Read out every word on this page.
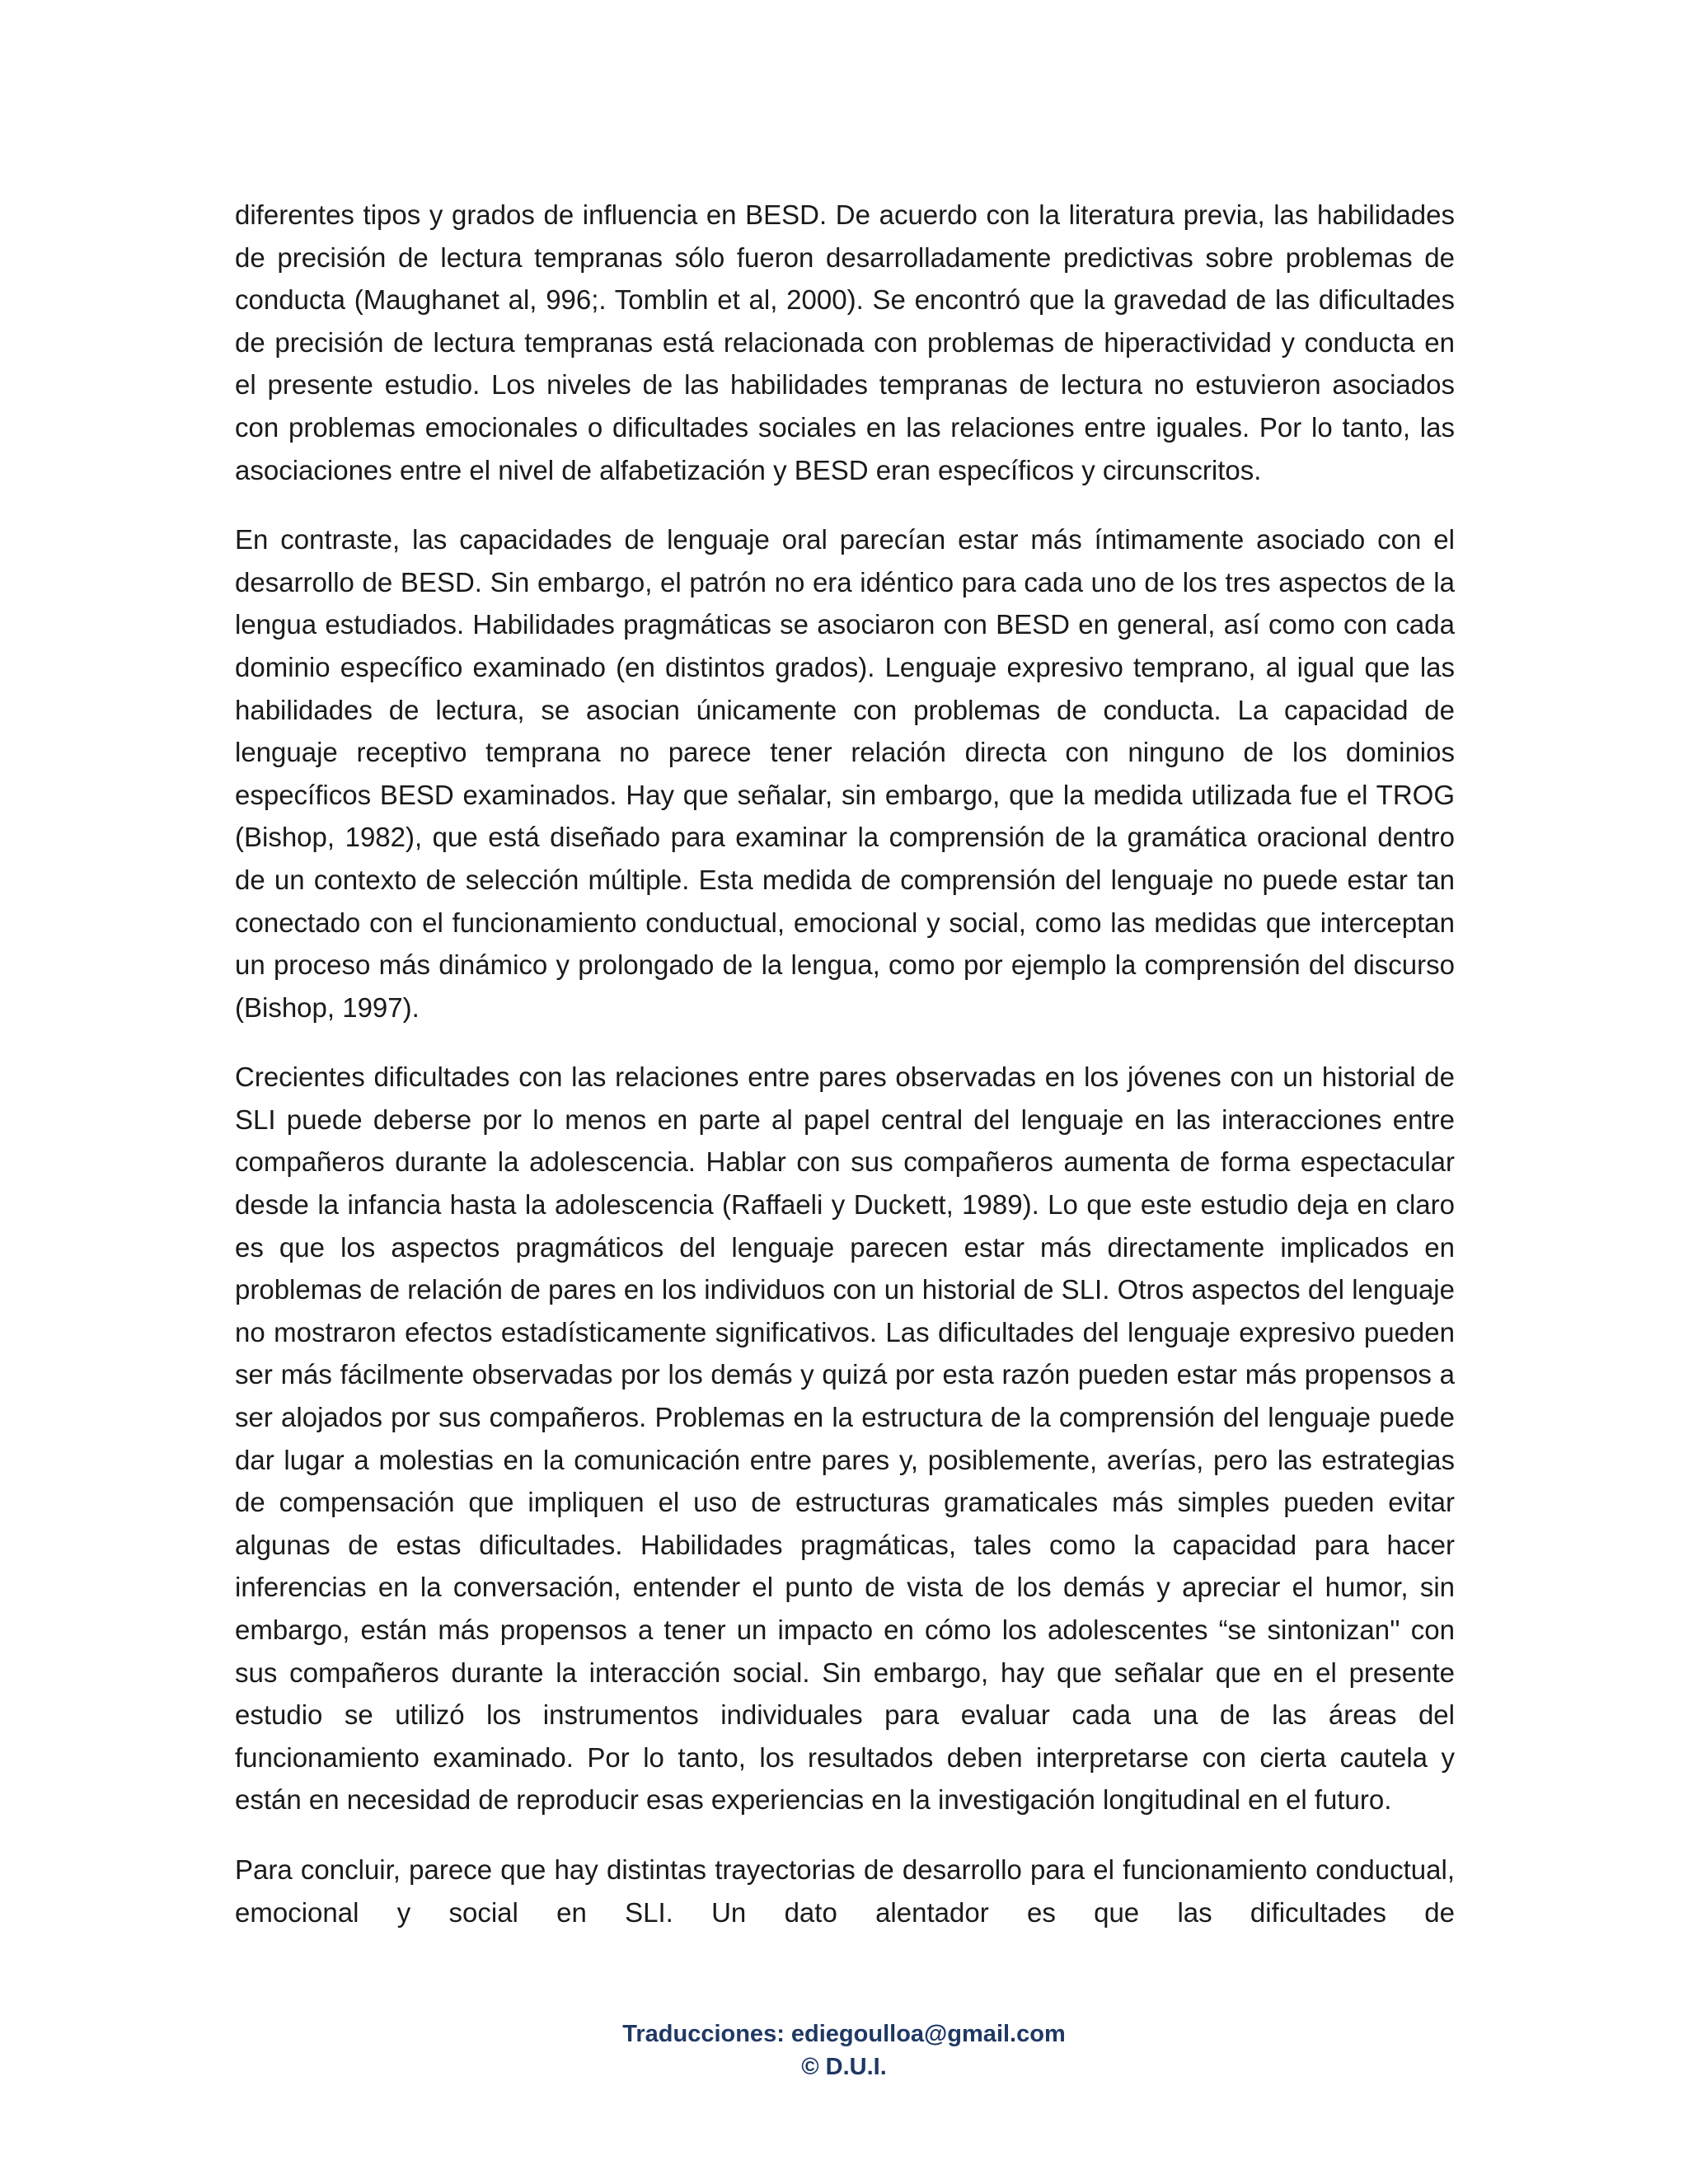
diferentes tipos y grados de influencia en BESD. De acuerdo con la literatura previa, las habilidades de precisión de lectura tempranas sólo fueron desarrolladamente predictivas sobre problemas de conducta (Maughanet al, 996;. Tomblin et al, 2000). Se encontró que la gravedad de las dificultades de precisión de lectura tempranas está relacionada con problemas de hiperactividad y conducta en el presente estudio. Los niveles de las habilidades tempranas de lectura no estuvieron asociados con problemas emocionales o dificultades sociales en las relaciones entre iguales. Por lo tanto, las asociaciones entre el nivel de alfabetización y BESD eran específicos y circunscritos.

En contraste, las capacidades de lenguaje oral parecían estar más íntimamente asociado con el desarrollo de BESD. Sin embargo, el patrón no era idéntico para cada uno de los tres aspectos de la lengua estudiados. Habilidades pragmáticas se asociaron con BESD en general, así como con cada dominio específico examinado (en distintos grados). Lenguaje expresivo temprano, al igual que las habilidades de lectura, se asocian únicamente con problemas de conducta. La capacidad de lenguaje receptivo temprana no parece tener relación directa con ninguno de los dominios específicos BESD examinados. Hay que señalar, sin embargo, que la medida utilizada fue el TROG (Bishop, 1982), que está diseñado para examinar la comprensión de la gramática oracional dentro de un contexto de selección múltiple. Esta medida de comprensión del lenguaje no puede estar tan conectado con el funcionamiento conductual, emocional y social, como las medidas que interceptan un proceso más dinámico y prolongado de la lengua, como por ejemplo la comprensión del discurso (Bishop, 1997).

Crecientes dificultades con las relaciones entre pares observadas en los jóvenes con un historial de SLI puede deberse por lo menos en parte al papel central del lenguaje en las interacciones entre compañeros durante la adolescencia. Hablar con sus compañeros aumenta de forma espectacular desde la infancia hasta la adolescencia (Raffaeli y Duckett, 1989). Lo que este estudio deja en claro es que los aspectos pragmáticos del lenguaje parecen estar más directamente implicados en problemas de relación de pares en los individuos con un historial de SLI. Otros aspectos del lenguaje no mostraron efectos estadísticamente significativos. Las dificultades del lenguaje expresivo pueden ser más fácilmente observadas por los demás y quizá por esta razón pueden estar más propensos a ser alojados por sus compañeros. Problemas en la estructura de la comprensión del lenguaje puede dar lugar a molestias en la comunicación entre pares y, posiblemente, averías, pero las estrategias de compensación que impliquen el uso de estructuras gramaticales más simples pueden evitar algunas de estas dificultades. Habilidades pragmáticas, tales como la capacidad para hacer inferencias en la conversación, entender el punto de vista de los demás y apreciar el humor, sin embargo, están más propensos a tener un impacto en cómo los adolescentes “se sintonizan'' con sus compañeros durante la interacción social. Sin embargo, hay que señalar que en el presente estudio se utilizó los instrumentos individuales para evaluar cada una de las áreas del funcionamiento examinado. Por lo tanto, los resultados deben interpretarse con cierta cautela y están en necesidad de reproducir esas experiencias en la investigación longitudinal en el futuro.

Para concluir, parece que hay distintas trayectorias de desarrollo para el funcionamiento conductual, emocional y social en SLI. Un dato alentador es que las dificultades de

Traducciones: ediegoulloa@gmail.com
© D.U.I.
